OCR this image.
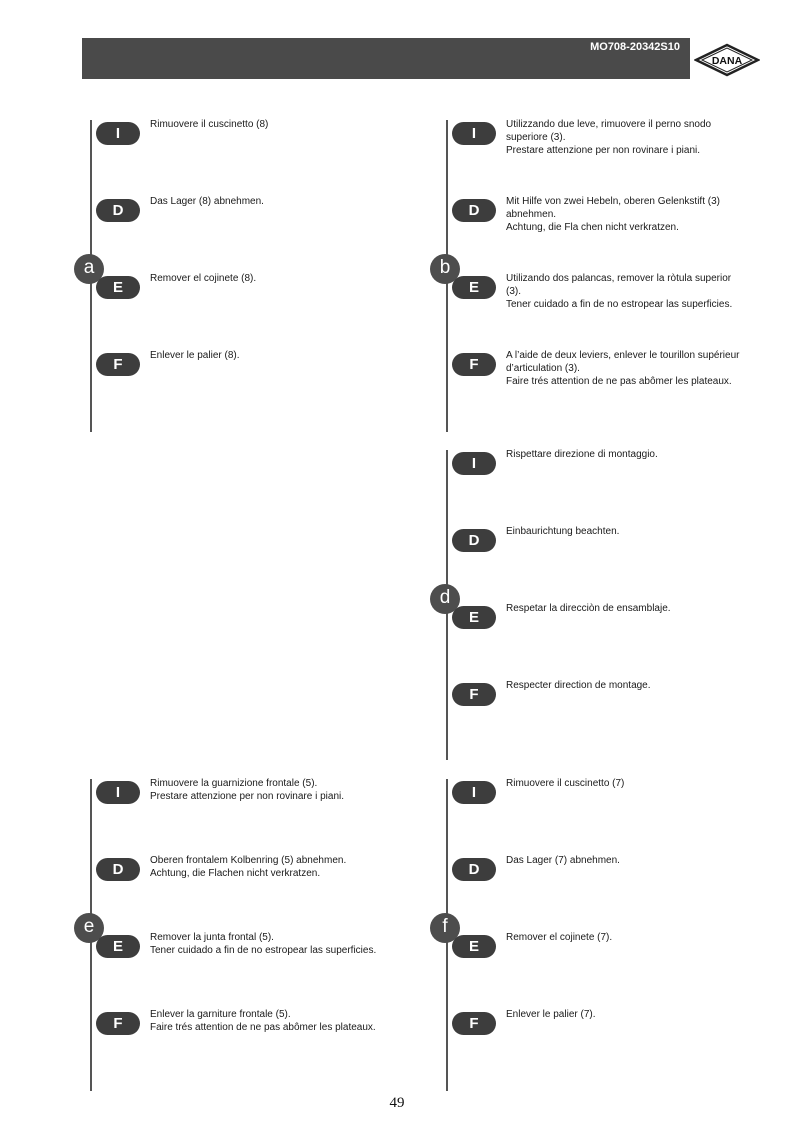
MO708-20342S10
DANA
a
I
Rimuovere il cuscinetto (8)
D
Das Lager (8) abnehmen.
E
Remover el cojinete (8).
F
Enlever le palier (8).
b
I
Utilizzando due leve, rimuovere il perno snodo
superiore (3).
Prestare attenzione per non rovinare i piani.
D
Mit Hilfe von zwei Hebeln, oberen Gelenkstift (3)
abnehmen.
Achtung, die Fla chen nicht verkratzen.
E
Utilizando dos palancas, remover la ròtula superior
(3).
Tener cuidado a fin de no estropear las superficies.
F
A l’aide de deux leviers, enlever le tourillon supérieur
d’articulation (3).
Faire trés attention de ne pas abômer les plateaux.
d
I
Rispettare direzione di montaggio.
D
Einbaurichtung beachten.
E
Respetar la direcciòn de ensamblaje.
F
Respecter direction de montage.
e
I
Rimuovere la guarnizione frontale (5).
Prestare attenzione per non rovinare i piani.
D
Oberen frontalem Kolbenring (5) abnehmen.
Achtung, die Flachen nicht verkratzen.
E
Remover la junta frontal (5).
Tener cuidado a fin de no estropear las superficies.
F
Enlever la garniture frontale (5).
Faire trés attention de ne pas abômer les plateaux.
f
I
Rimuovere il cuscinetto (7)
D
Das Lager (7) abnehmen.
E
Remover el cojinete (7).
F
Enlever le palier (7).
49
